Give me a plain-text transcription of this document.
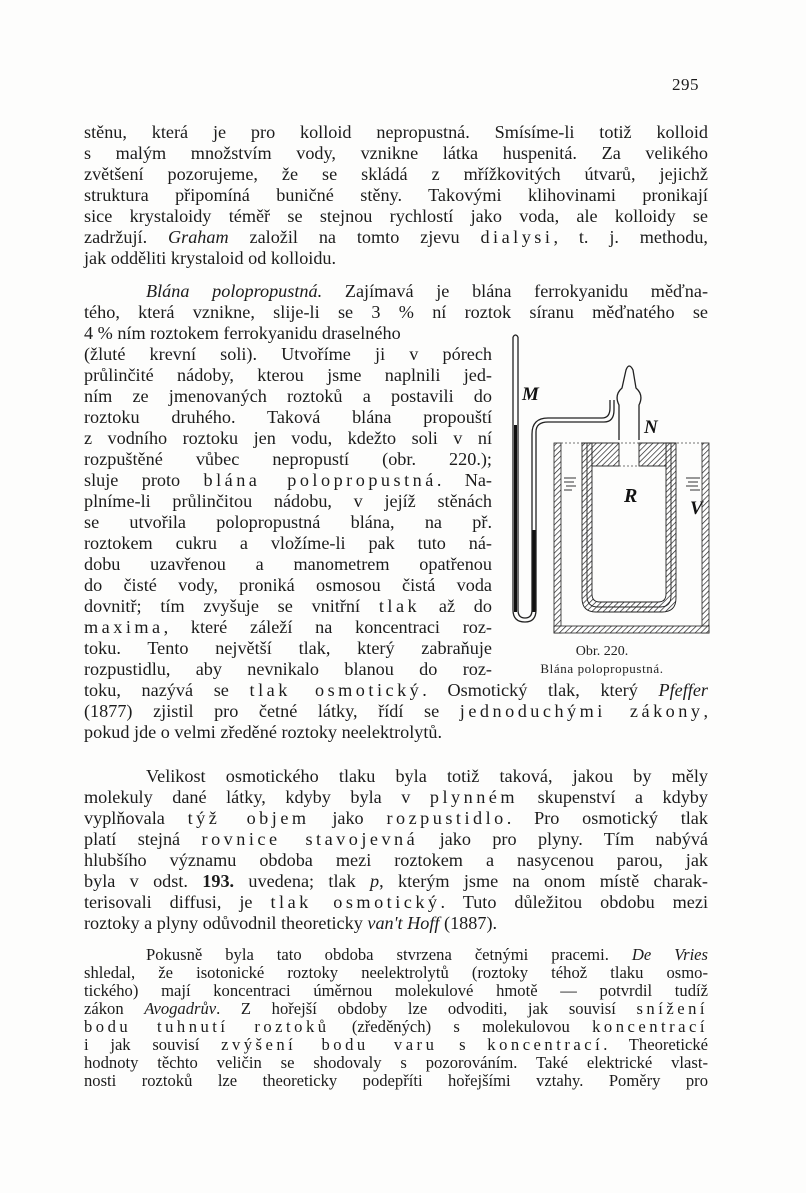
295
stěnu, která je pro kolloid nepropustná. Smísíme-li totiž kolloid
s malým množstvím vody, vznikne látka huspenitá. Za velikého
zvětšení pozorujeme, že se skládá z mřížkovitých útvarů, jejichž
struktura připomíná buničné stěny. Takovými klihovinami pronikají
sice krystaloidy téměř se stejnou rychlostí jako voda, ale kolloidy se
zadržují. Graham založil na tomto zjevu dialysi, t. j. methodu,
jak odděliti krystaloid od kolloidu.
Blána polopropustná. Zajímavá je blána ferrokyanidu měďna-
tého, která vznikne, slije-li se 3 % ní roztok síranu měďnatého se
4 % ním roztokem ferrokyanidu draselného
(žluté krevní soli). Utvoříme ji v pórech
průlinčité nádoby, kterou jsme naplnili jed-
ním ze jmenovaných roztoků a postavili do
roztoku druhého. Taková blána propouští
z vodního roztoku jen vodu, kdežto soli v ní
rozpuštěné vůbec nepropustí (obr. 220.);
sluje proto blána polopropustná. Na-
plníme-li průlinčitou nádobu, v jejíž stěnách
se utvořila polopropustná blána, na př.
roztokem cukru a vložíme-li pak tuto ná-
dobu uzavřenou a manometrem opatřenou
do čisté vody, proniká osmosou čistá voda
dovnitř; tím zvyšuje se vnitřní tlak až do
maxima, které záleží na koncentraci roz-
toku. Tento největší tlak, který zabraňuje
rozpustidlu, aby nevnikalo blanou do roz-
toku, nazývá se tlak osmotický. Osmotický tlak, který Pfeffer
(1877) zjistil pro četné látky, řídí se jednoduchými zákony,
pokud jde o velmi zředěné roztoky neelektrolytů.
M
N
R
V
Obr. 220.
Blána polopropustná.
Velikost osmotického tlaku byla totiž taková, jakou by měly
molekuly dané látky, kdyby byla v plynném skupenství a kdyby
vyplňovala týž objem jako rozpustidlo. Pro osmotický tlak
platí stejná rovnice stavojevná jako pro plyny. Tím nabývá
hlubšího významu obdoba mezi roztokem a nasycenou parou, jak
byla v odst. 193. uvedena; tlak p, kterým jsme na onom místě charak-
terisovali diffusi, je tlak osmotický. Tuto důležitou obdobu mezi
roztoky a plyny odůvodnil theoreticky van't Hoff (1887).
Pokusně byla tato obdoba stvrzena četnými pracemi. De Vries
shledal, že isotonické roztoky neelektrolytů (roztoky téhož tlaku osmo-
tického) mají koncentraci úměrnou molekulové hmotě — potvrdil tudíž
zákon Avogadrův. Z hořejší obdoby lze odvoditi, jak souvisí snížení
bodu tuhnutí roztoků (zředěných) s molekulovou koncentrací
i jak souvisí zvýšení bodu varu s koncentrací. Theoretické
hodnoty těchto veličin se shodovaly s pozorováním. Také elektrické vlast-
nosti roztoků lze theoreticky podepříti hořejšími vztahy. Poměry pro
